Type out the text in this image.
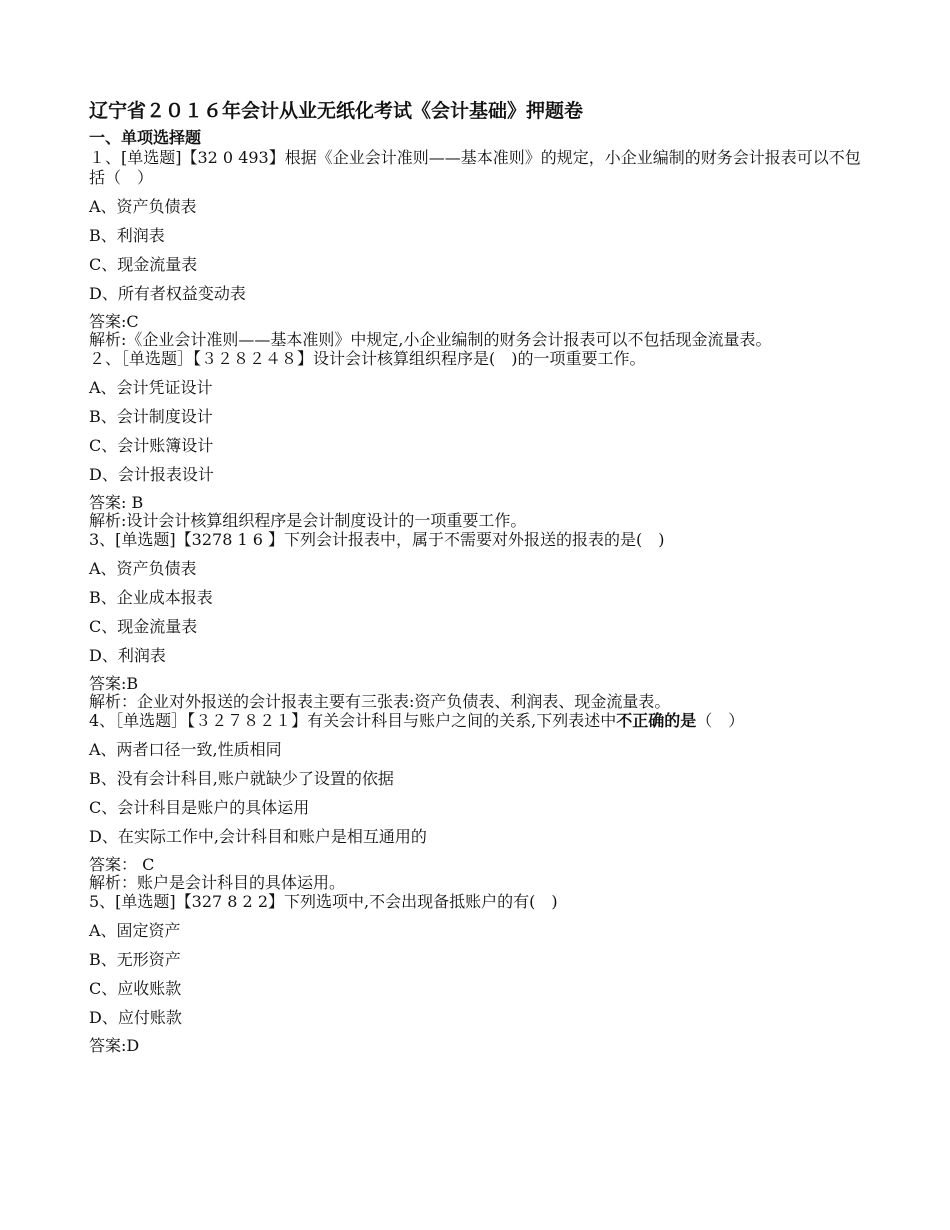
辽宁省２０１６年会计从业无纸化考试《会计基础》押题卷
一、单项选择题

１、[单选题]【32 0 493】根据《企业会计准则——基本准则》的规定，小企业编制的财务会计报表可以不包括（　）

A、资产负债表

B、利润表

C、现金流量表

D、所有者权益变动表

答案:C

解析:《企业会计准则——基本准则》中规定,小企业编制的财务会计报表可以不包括现金流量表。

２、［单选题］【３２８２４８】设计会计核算组织程序是(　)的一项重要工作。

A、会计凭证设计

B、会计制度设计

C、会计账簿设计

D、会计报表设计

答案: B

解析:设计会计核算组织程序是会计制度设计的一项重要工作。

3、[单选题]【3278 1 6 】下列会计报表中，属于不需要对外报送的报表的是(　)

A、资产负债表

B、企业成本报表

C、现金流量表

D、利润表

答案:B

解析：企业对外报送的会计报表主要有三张表:资产负债表、利润表、现金流量表。

4、［单选题］【３２７８２１】有关会计科目与账户之间的关系,下列表述中不正确的是（　）

A、两者口径一致,性质相同

B、没有会计科目,账户就缺少了设置的依据

C、会计科目是账户的具体运用

D、在实际工作中,会计科目和账户是相互通用的

答案： C

解析：账户是会计科目的具体运用。

5、[单选题]【327 8 2 2】下列选项中,不会出现备抵账户的有(　)

A、固定资产

B、无形资产

C、应收账款

D、应付账款

答案:D
